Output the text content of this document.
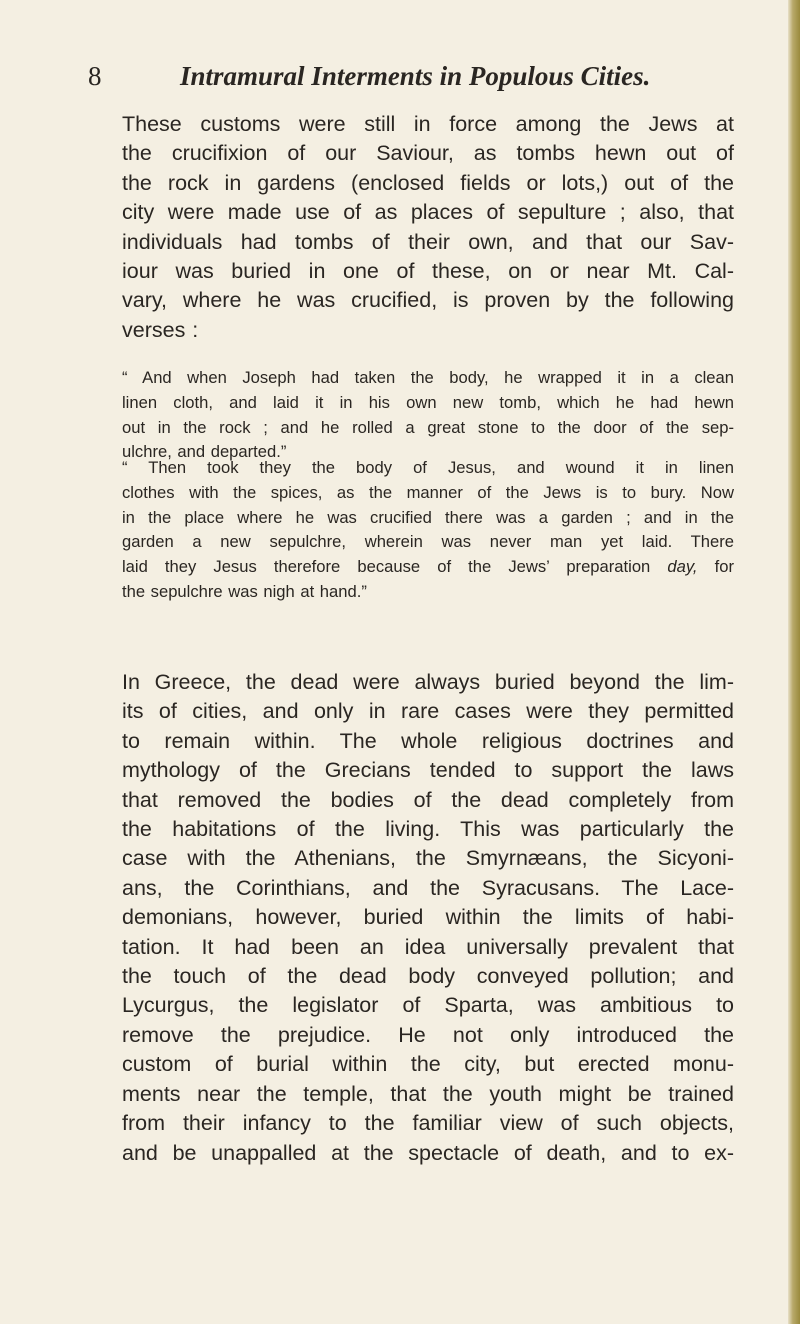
8	Intramural Interments in Populous Cities.
These customs were still in force among the Jews at
the crucifixion of our Saviour, as tombs hewn out of
the rock in gardens (enclosed fields or lots,) out of the
city were made use of as places of sepulture ; also, that
individuals had tombs of their own, and that our Sav-
iour was buried in one of these, on or near Mt. Cal-
vary, where he was crucified, is proven by the following
verses :
“ And when Joseph had taken the body, he wrapped it in a clean
linen cloth, and laid it in his own new tomb, which he had hewn
out in the rock ; and he rolled a great stone to the door of the sep-
ulchre, and departed.”
“ Then took they the body of Jesus, and wound it in linen
clothes with the spices, as the manner of the Jews is to bury. Now
in the place where he was crucified there was a garden ; and in the
garden a new sepulchre, wherein was never man yet laid. There
laid they Jesus therefore because of the Jews’ preparation day, for
the sepulchre was nigh at hand.”
In Greece, the dead were always buried beyond the lim-
its of cities, and only in rare cases were they permitted
to remain within. The whole religious doctrines and
mythology of the Grecians tended to support the laws
that removed the bodies of the dead completely from
the habitations of the living. This was particularly the
case with the Athenians, the Smyrnæans, the Sicyoni-
ans, the Corinthians, and the Syracusans. The Lace-
demonians, however, buried within the limits of habi-
tation. It had been an idea universally prevalent that
the touch of the dead body conveyed pollution; and
Lycurgus, the legislator of Sparta, was ambitious to
remove the prejudice. He not only introduced the
custom of burial within the city, but erected monu-
ments near the temple, that the youth might be trained
from their infancy to the familiar view of such objects,
and be unappalled at the spectacle of death, and to ex-
